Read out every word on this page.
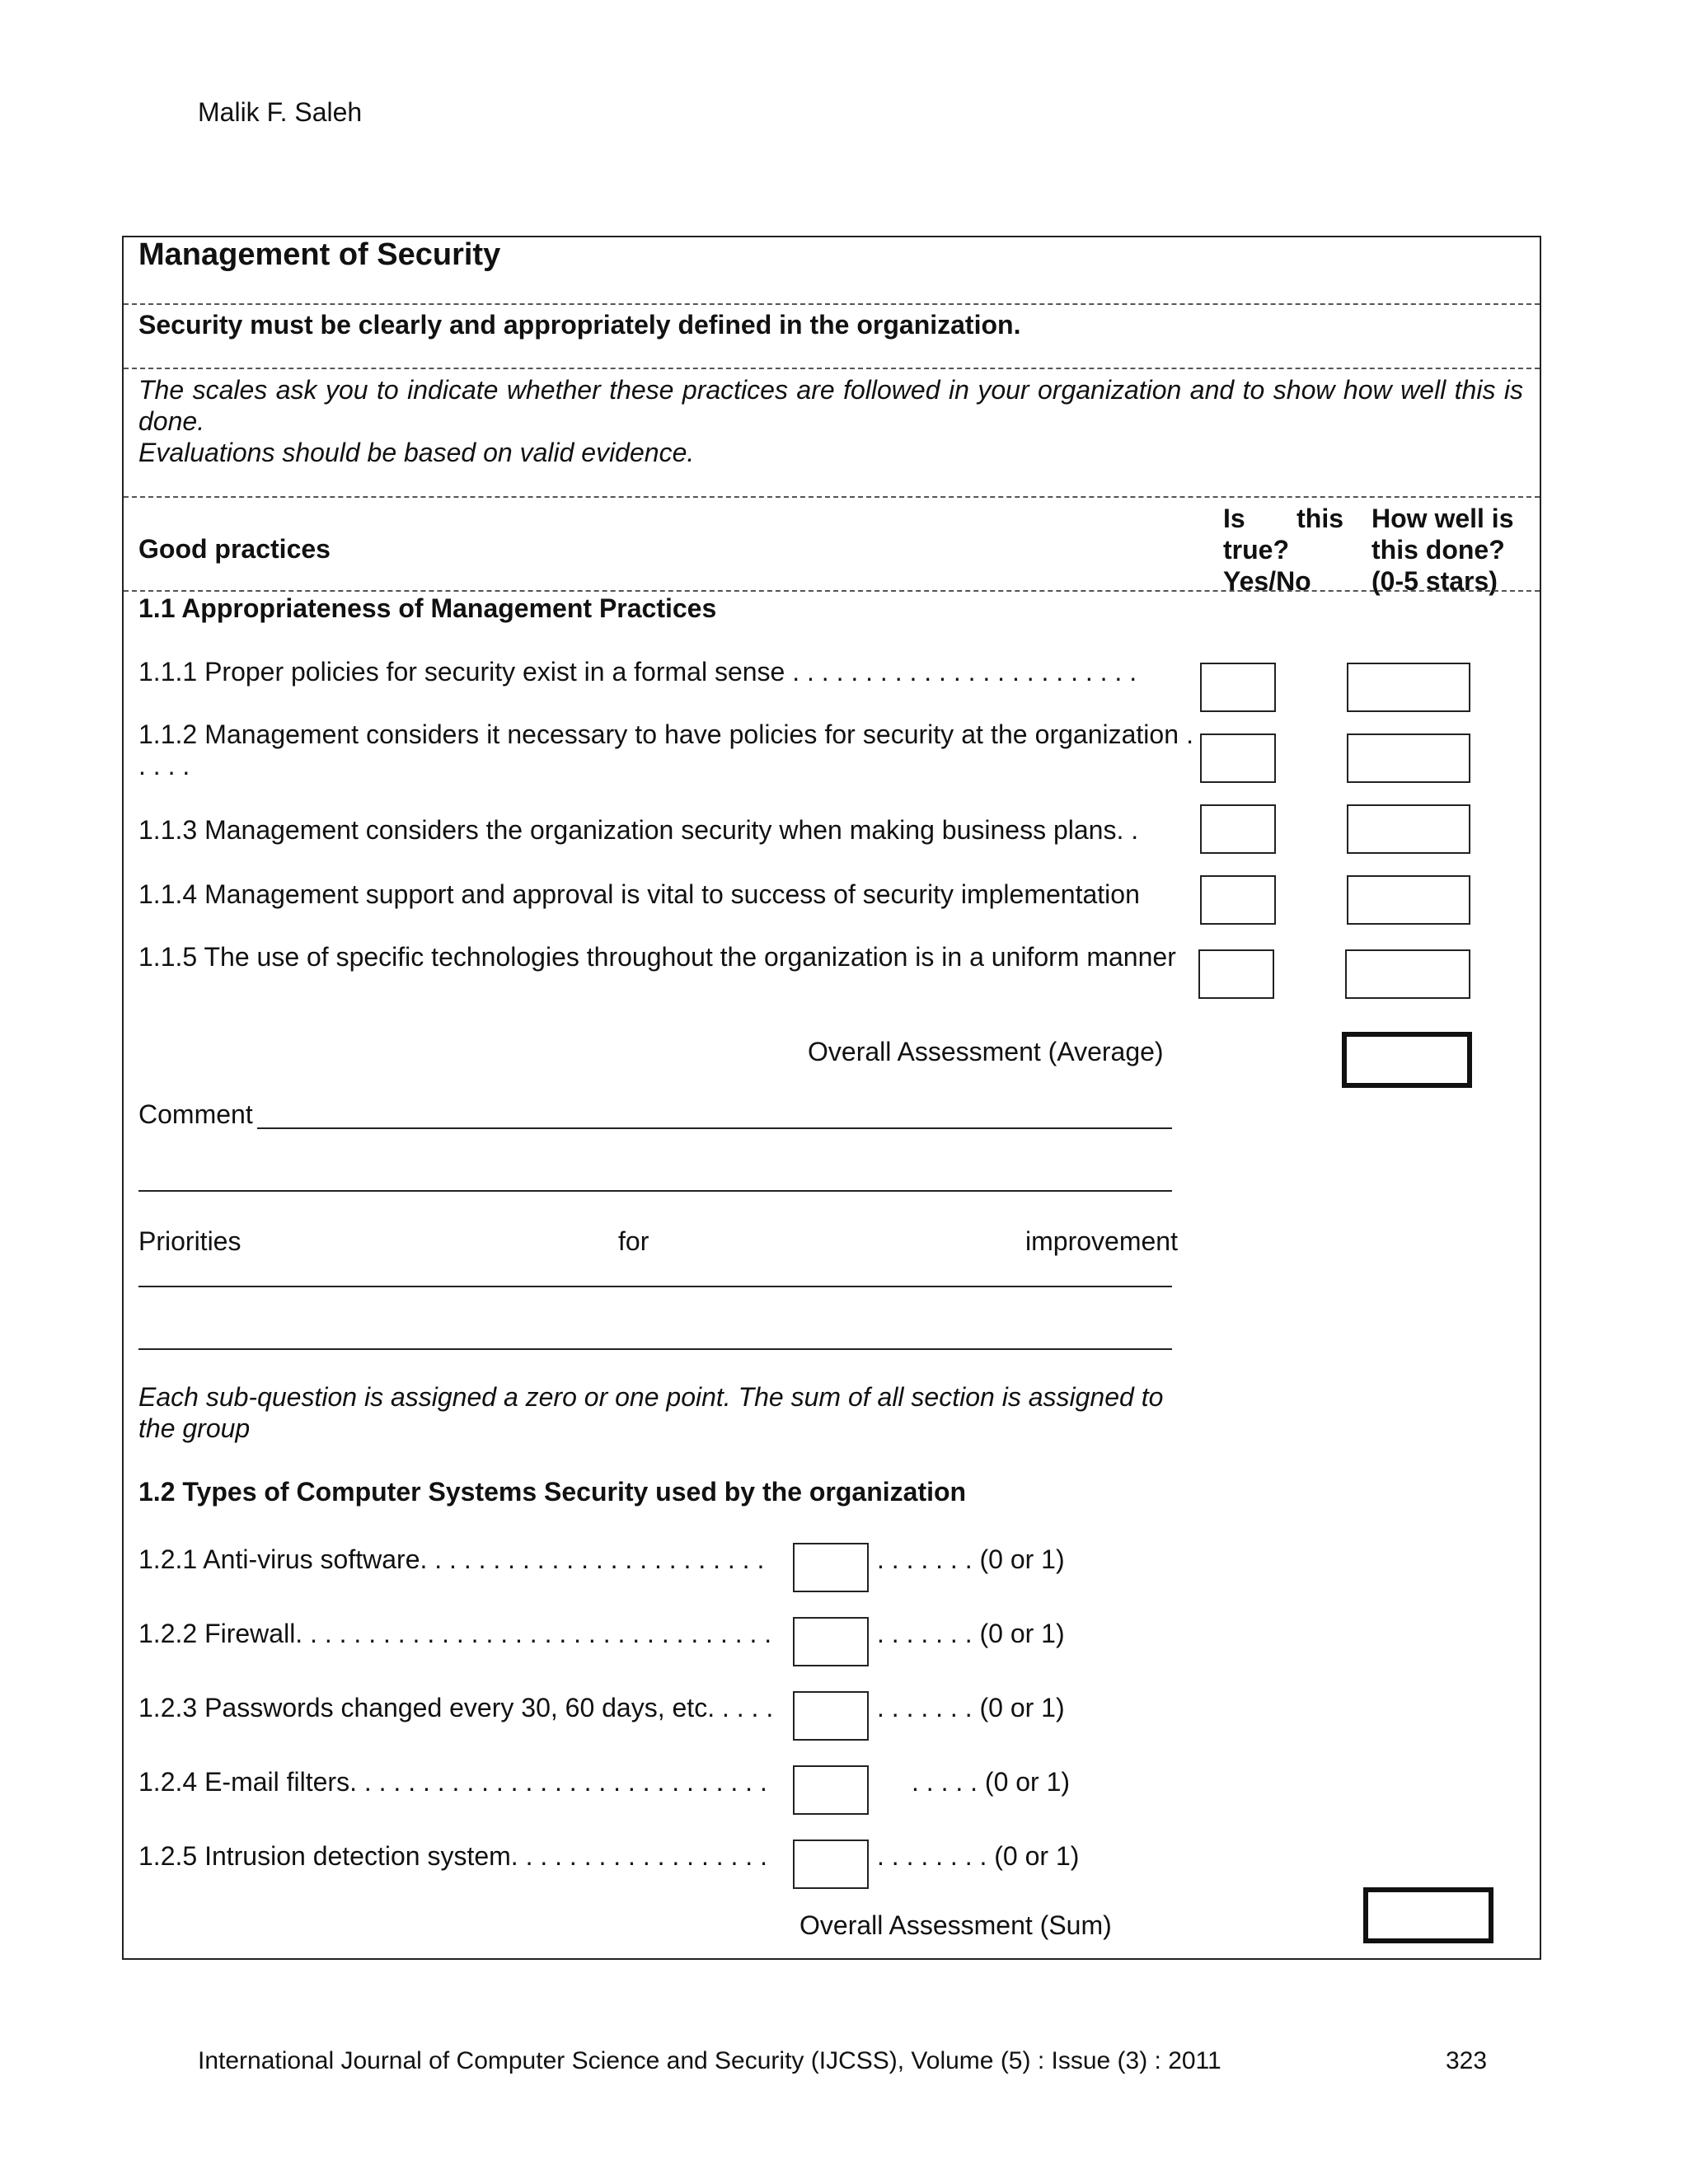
Malik F. Saleh
Management of Security
Security must be clearly and appropriately defined in the organization.
The scales ask you to indicate whether these practices are followed in your organization and to show how well this is done.
Evaluations should be based on valid evidence.
Good practices
Is this
true?
Yes/No
How well is
this done?
(0-5 stars)
1.1 Appropriateness of Management Practices
1.1.1 Proper policies for security exist in a formal sense . . . . . . . . . . . . . . . . . . . . . . . .
1.1.2 Management considers it necessary to have policies for security at the organization . . . . .
1.1.3 Management considers the organization security when making business plans. .
1.1.4 Management support and approval is vital to success of security implementation
1.1.5 The use of specific technologies throughout the organization is in a uniform manner
Overall Assessment (Average)
Comment
Priorities	for	improvement
Each sub-question is assigned a zero or one point. The sum of all section is assigned to the group
1.2 Types of Computer Systems Security used by the organization
1.2.1 Anti-virus software. . . . . . . . . . . . . . . . . . . . . . . .	. . . . . . . (0 or 1)
1.2.2 Firewall. . . . . . . . . . . . . . . . . . . . . . . . . . . . . . . . .	. . . . . . . (0 or 1)
1.2.3 Passwords changed every 30, 60 days, etc. . . . .	. . . . . . . (0 or 1)
1.2.4 E-mail filters. . . . . . . . . . . . . . . . . . . . . . . . . . . . .	. . . . . (0 or 1)
1.2.5 Intrusion detection system. . . . . . . . . . . . . . . . . .	. . . . . . . . (0 or 1)
Overall Assessment (Sum)
International Journal of Computer Science and Security (IJCSS), Volume (5) : Issue (3) : 2011	323
